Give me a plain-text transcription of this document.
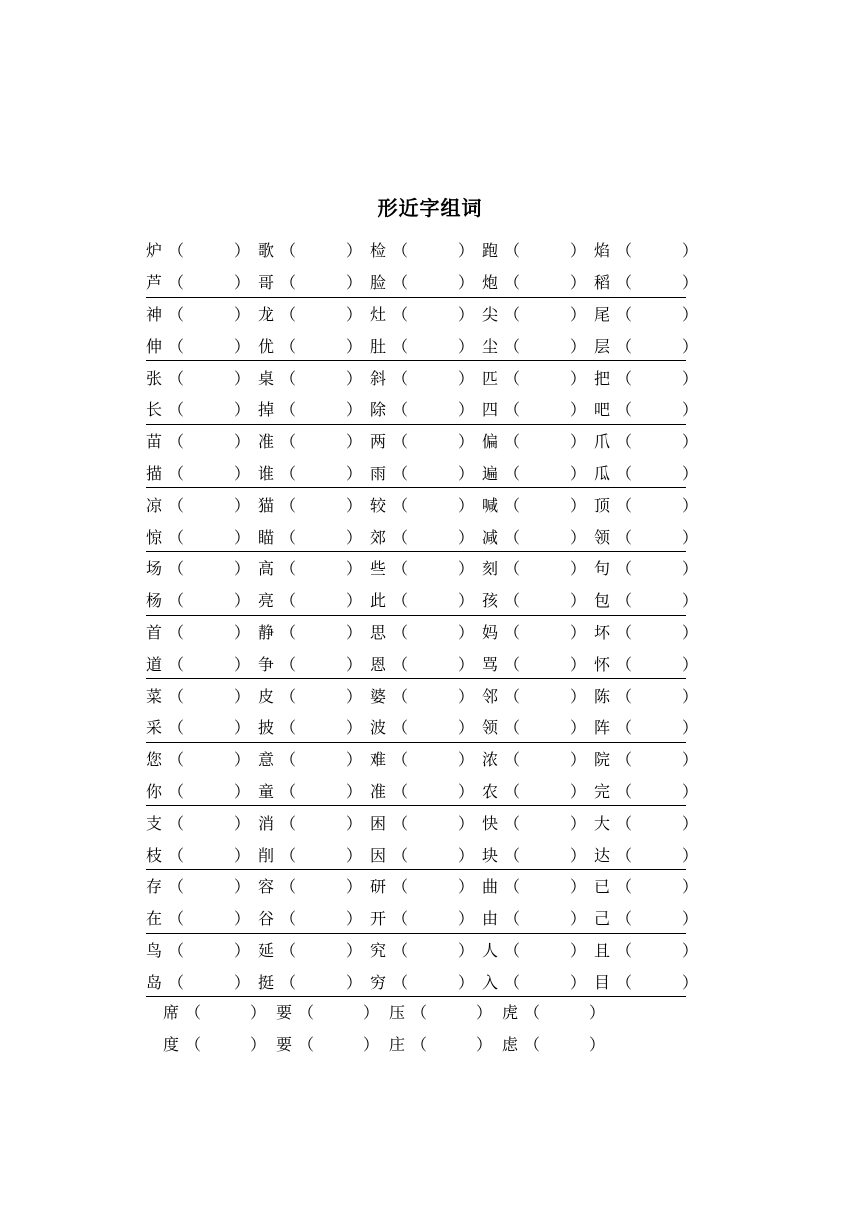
形近字组词
炉 （	） 歌 （	） 检 （	） 跑 （	） 焰 （	）
芦 （	） 哥 （	） 脸 （	） 炮 （	） 稻 （	）
神 （	） 龙 （	） 灶 （	） 尖 （	） 尾 （	）
伸 （	） 优 （	） 肚 （	） 尘 （	） 层 （	）
张 （	） 桌 （	） 斜 （	） 匹 （	） 把 （	）
长 （	） 掉 （	） 除 （	） 四 （	） 吧 （	）
苗 （	） 准 （	） 两 （	） 偏 （	） 爪 （	）
描 （	） 谁 （	） 雨 （	） 遍 （	） 瓜 （	）
凉 （	） 猫 （	） 较 （	） 喊 （	） 顶 （	）
惊 （	） 瞄 （	） 郊 （	） 减 （	） 领 （	）
场 （	） 高 （	） 些 （	） 刻 （	） 句 （	）
杨 （	） 亮 （	） 此 （	） 孩 （	） 包 （	）
首 （	） 静 （	） 思 （	） 妈 （	） 坏 （	）
道 （	） 争 （	） 恩 （	） 骂 （	） 怀 （	）
菜 （	） 皮 （	） 婆 （	） 邻 （	） 陈 （	）
采 （	） 披 （	） 波 （	） 领 （	） 阵 （	）
您 （	） 意 （	） 难 （	） 浓 （	） 院 （	）
你 （	） 童 （	） 准 （	） 农 （	） 完 （	）
支 （	） 消 （	） 困 （	） 快 （	） 大 （	）
枝 （	） 削 （	） 因 （	） 块 （	） 达 （	）
存 （	） 容 （	） 研 （	） 曲 （	） 已 （	）
在 （	） 谷 （	） 开 （	） 由 （	） 己 （	）
鸟 （	） 延 （	） 究 （	） 人 （	） 且 （	）
岛 （	） 挺 （	） 穷 （	） 入 （	） 目 （	）
席 （	） 要 （	） 压 （	） 虎 （	）
度 （	） 要 （	） 庄 （	） 虑 （	）
